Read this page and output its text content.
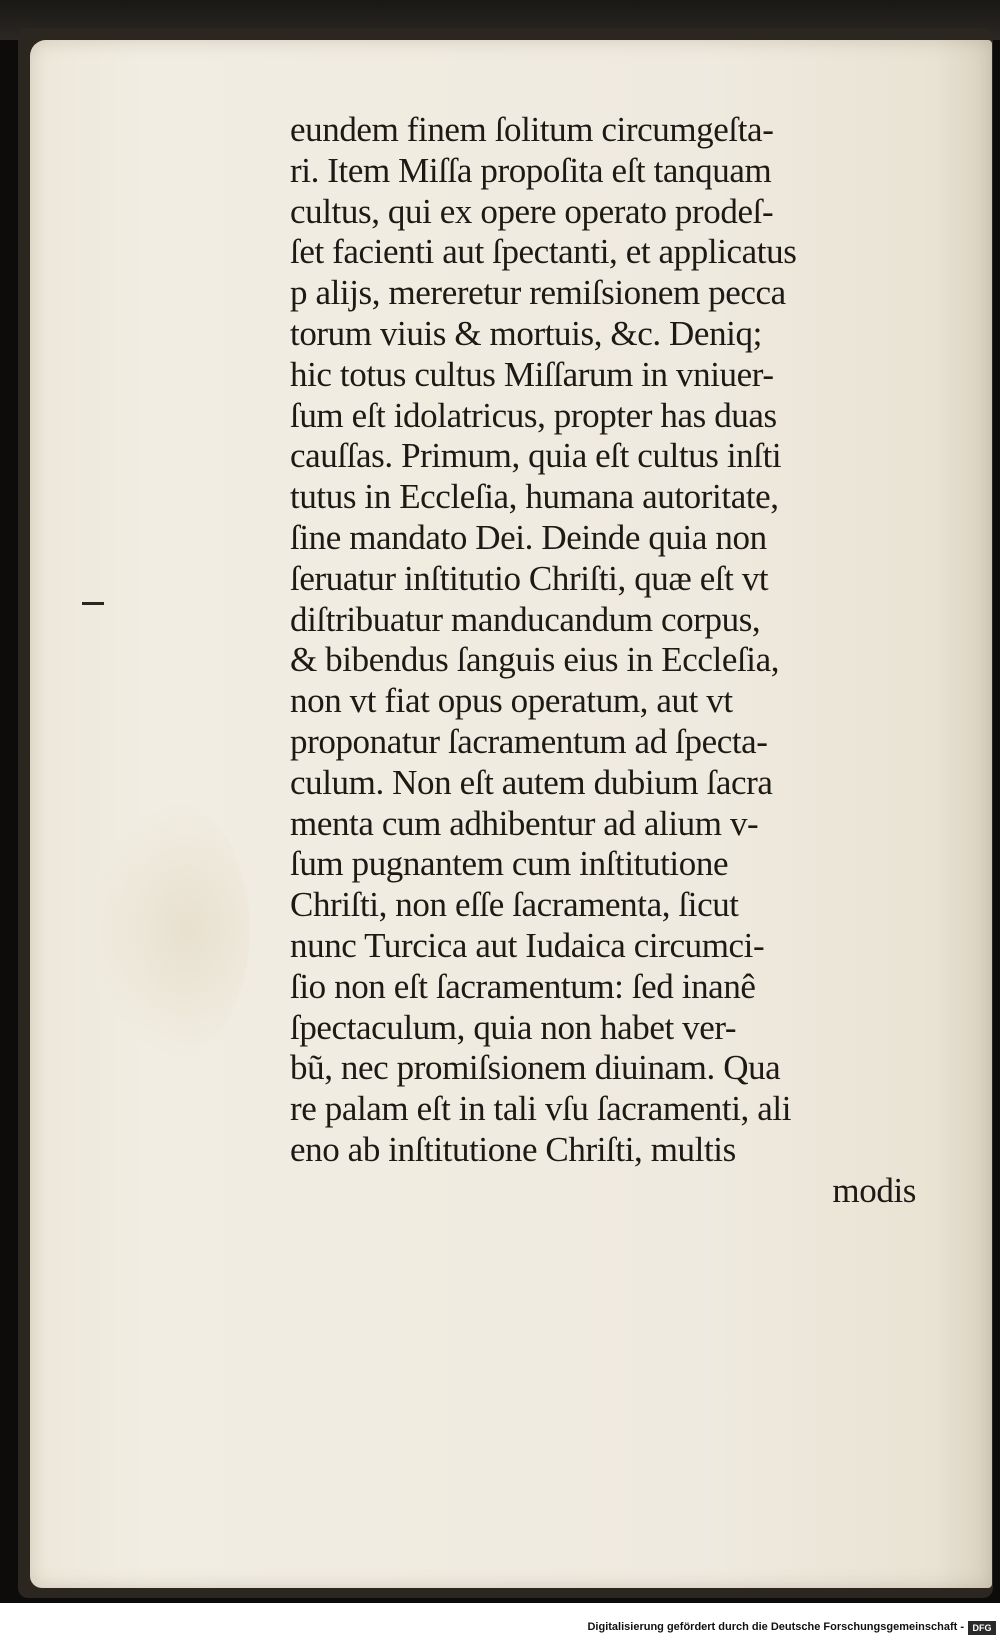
eundem finem ſolitum circumgeſta-
ri. Item Miſſa propoſita eſt tanquam
cultus, qui ex opere operato prodeſ-
ſet facienti aut ſpectanti, et applicatus
p alijs, mereretur remiſsionem pecca
torum viuis & mortuis, &c. Deniq;
hic totus cultus Miſſarum in vniuer-
ſum eſt idolatricus, propter has duas
cauſſas. Primum, quia eſt cultus inſti
tutus in Eccleſia, humana autoritate,
ſine mandato Dei. Deinde quia non
ſeruatur inſtitutio Chriſti, quæ eſt vt
diſtribuatur manducandum corpus,
& bibendus ſanguis eius in Eccleſia,
non vt fiat opus operatum, aut vt
proponatur ſacramentum ad ſpecta-
culum. Non eſt autem dubium ſacra
menta cum adhibentur ad alium v-
ſum pugnantem cum inſtitutione
Chriſti, non eſſe ſacramenta, ſicut
nunc Turcica aut Iudaica circumci-
ſio non eſt ſacramentum: ſed inanê
ſpectaculum, quia non habet ver-
bũ, nec promiſsionem diuinam. Qua
re palam eſt in tali vſu ſacramenti, ali
eno ab inſtitutione Chriſti, multis
modis
Digitalisierung gefördert durch die Deutsche Forschungsgemeinschaft - DFG
